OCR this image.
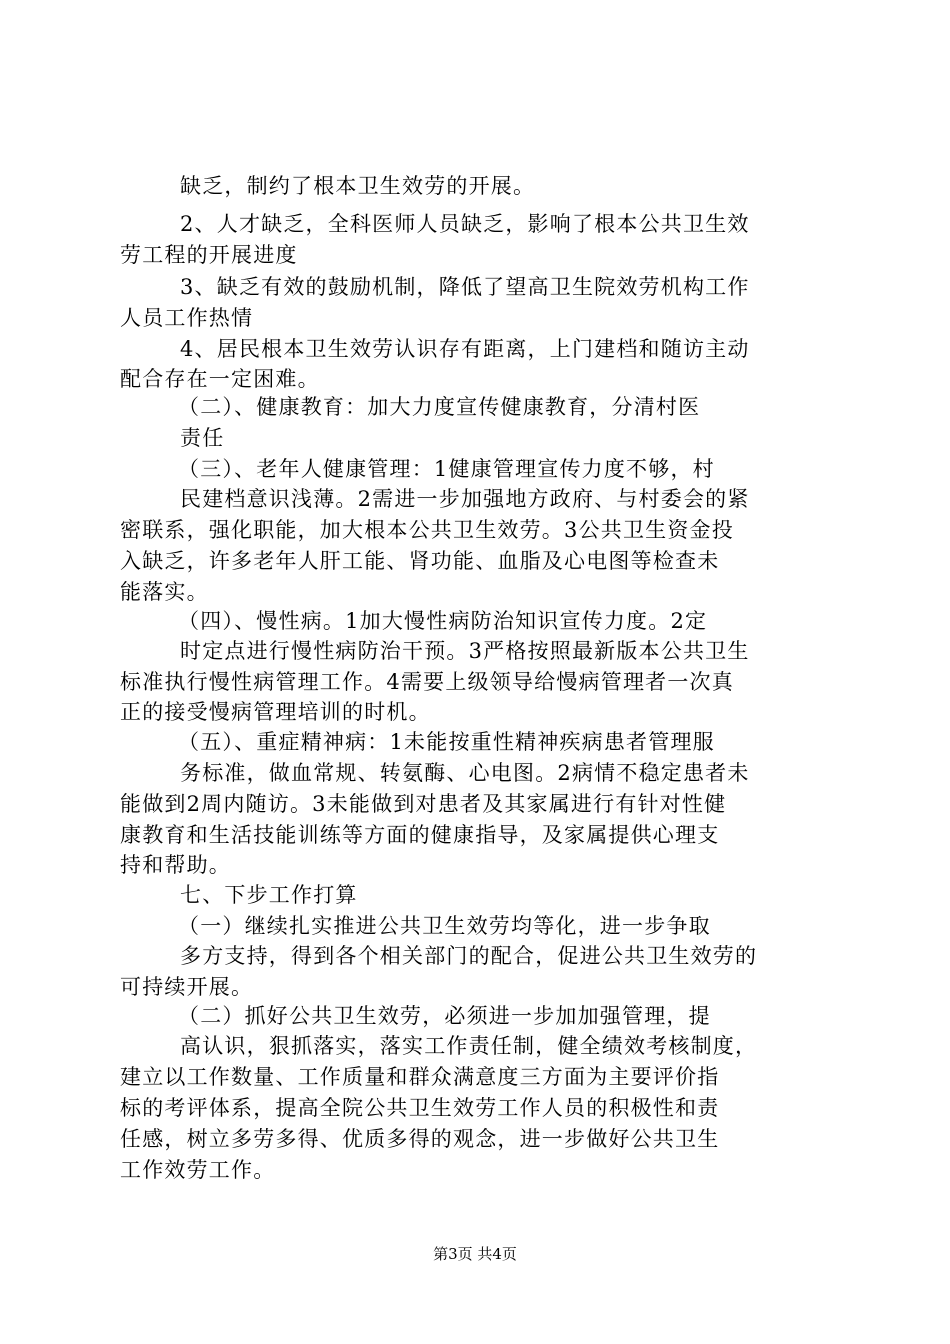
缺乏，制约了根本卫生效劳的开展。
2、人才缺乏，全科医师人员缺乏，影响了根本公共卫生效
劳工程的开展进度
3、缺乏有效的鼓励机制，降低了望高卫生院效劳机构工作
人员工作热情
4、居民根本卫生效劳认识存有距离，上门建档和随访主动
配合存在一定困难。
（二）、健康教育：加大力度宣传健康教育，分清村医
责任
（三）、老年人健康管理：1健康管理宣传力度不够，村
民建档意识浅薄。2需进一步加强地方政府、与村委会的紧
密联系，强化职能，加大根本公共卫生效劳。3公共卫生资金投
入缺乏，许多老年人肝工能、肾功能、血脂及心电图等检查未
能落实。
（四）、慢性病。1加大慢性病防治知识宣传力度。2定
时定点进行慢性病防治干预。3严格按照最新版本公共卫生
标准执行慢性病管理工作。4需要上级领导给慢病管理者一次真
正的接受慢病管理培训的时机。
（五）、重症精神病：1未能按重性精神疾病患者管理服
务标准，做血常规、转氨酶、心电图。2病情不稳定患者未
能做到2周内随访。3未能做到对患者及其家属进行有针对性健
康教育和生活技能训练等方面的健康指导，及家属提供心理支
持和帮助。
七、下步工作打算
（一）继续扎实推进公共卫生效劳均等化，进一步争取
多方支持，得到各个相关部门的配合，促进公共卫生效劳的
可持续开展。
（二）抓好公共卫生效劳，必须进一步加加强管理，提
高认识，狠抓落实，落实工作责任制，健全绩效考核制度，
建立以工作数量、工作质量和群众满意度三方面为主要评价指
标的考评体系，提高全院公共卫生效劳工作人员的积极性和责
任感，树立多劳多得、优质多得的观念，进一步做好公共卫生
工作效劳工作。
第3页 共4页
